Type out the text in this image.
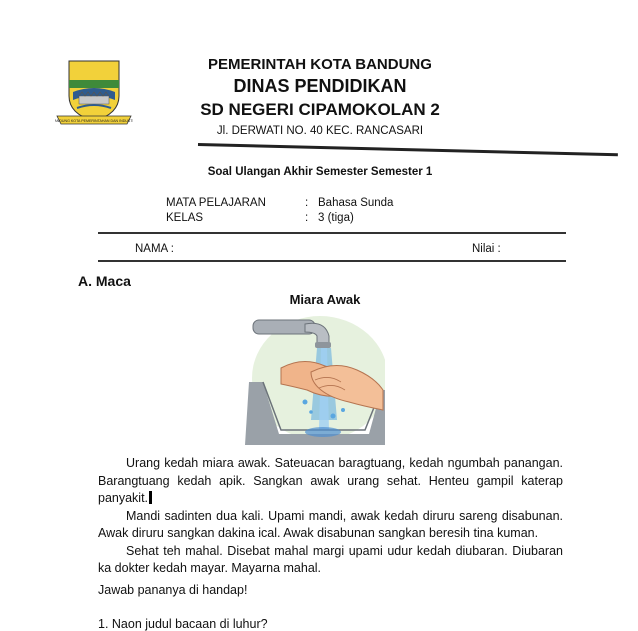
BANDUNG KOTA PEMERINTAHAN DAN INDUSTRI
PEMERINTAH KOTA BANDUNG
DINAS PENDIDIKAN
SD NEGERI CIPAMOKOLAN 2
Jl. DERWATI NO. 40 KEC. RANCASARI
Soal Ulangan Akhir Semester Semester 1
MATA PELAJARAN	: Bahasa Sunda
KELAS	: 3 (tiga)
NAMA :	Nilai :
A. Maca
Miara Awak

Urang kedah miara awak. Sateuacan baragtuang, kedah ngumbah panangan. Barangtuang kedah apik. Sangkan awak urang sehat. Henteu gampil katerap panyakit.

Mandi sadinten dua kali. Upami mandi, awak kedah diruru sareng disabunan. Awak diruru sangkan dakina ical. Awak disabunan sangkan beresih tina kuman.

Sehat teh mahal. Disebat mahal margi upami udur kedah diubaran. Diubaran ka dokter kedah mayar. Mayarna mahal.

Jawab pananya di handap!
1. Naon judul bacaan di luhur?
